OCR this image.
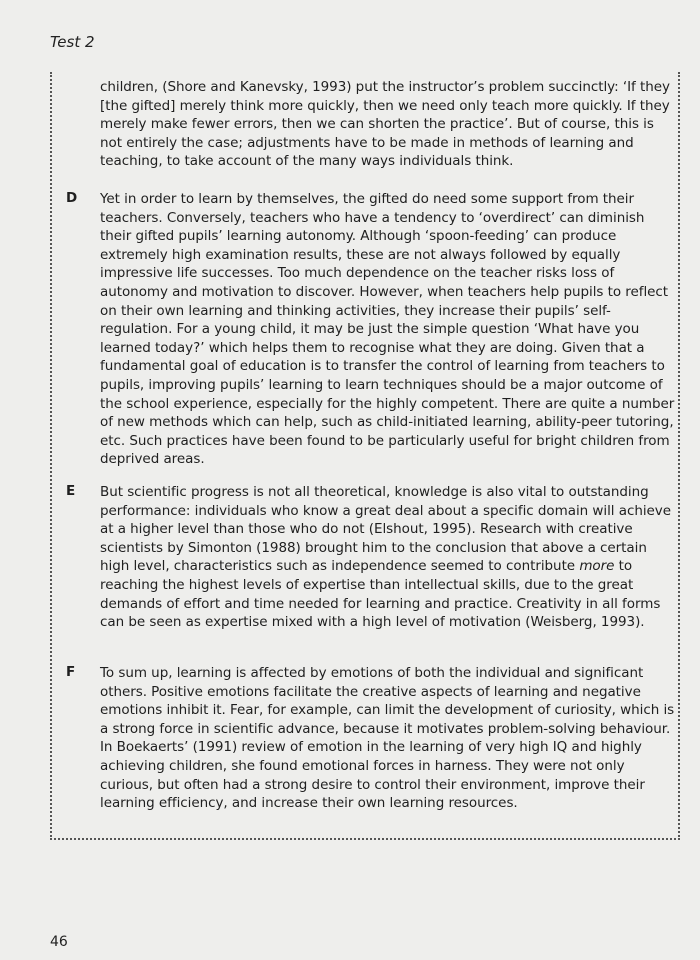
Test 2

children, (Shore and Kanevsky, 1993) put the instructor’s problem succinctly: ‘If they [the gifted] merely think more quickly, then we need only teach more quickly. If they merely make fewer errors, then we can shorten the practice’. But of course, this is not entirely the case; adjustments have to be made in methods of learning and teaching, to take account of the many ways individuals think.

D Yet in order to learn by themselves, the gifted do need some support from their teachers. Conversely, teachers who have a tendency to ‘overdirect’ can diminish their gifted pupils’ learning autonomy. Although ‘spoon-feeding’ can produce extremely high examination results, these are not always followed by equally impressive life successes. Too much dependence on the teacher risks loss of autonomy and motivation to discover. However, when teachers help pupils to reflect on their own learning and thinking activities, they increase their pupils’ self-regulation. For a young child, it may be just the simple question ‘What have you learned today?’ which helps them to recognise what they are doing. Given that a fundamental goal of education is to transfer the control of learning from teachers to pupils, improving pupils’ learning to learn techniques should be a major outcome of the school experience, especially for the highly competent. There are quite a number of new methods which can help, such as child-initiated learning, ability-peer tutoring, etc. Such practices have been found to be particularly useful for bright children from deprived areas.

E But scientific progress is not all theoretical, knowledge is also vital to outstanding performance: individuals who know a great deal about a specific domain will achieve at a higher level than those who do not (Elshout, 1995). Research with creative scientists by Simonton (1988) brought him to the conclusion that above a certain high level, characteristics such as independence seemed to contribute more to reaching the highest levels of expertise than intellectual skills, due to the great demands of effort and time needed for learning and practice. Creativity in all forms can be seen as expertise mixed with a high level of motivation (Weisberg, 1993).

F To sum up, learning is affected by emotions of both the individual and significant others. Positive emotions facilitate the creative aspects of learning and negative emotions inhibit it. Fear, for example, can limit the development of curiosity, which is a strong force in scientific advance, because it motivates problem-solving behaviour. In Boekaerts’ (1991) review of emotion in the learning of very high IQ and highly achieving children, she found emotional forces in harness. They were not only curious, but often had a strong desire to control their environment, improve their learning efficiency, and increase their own learning resources.

46
